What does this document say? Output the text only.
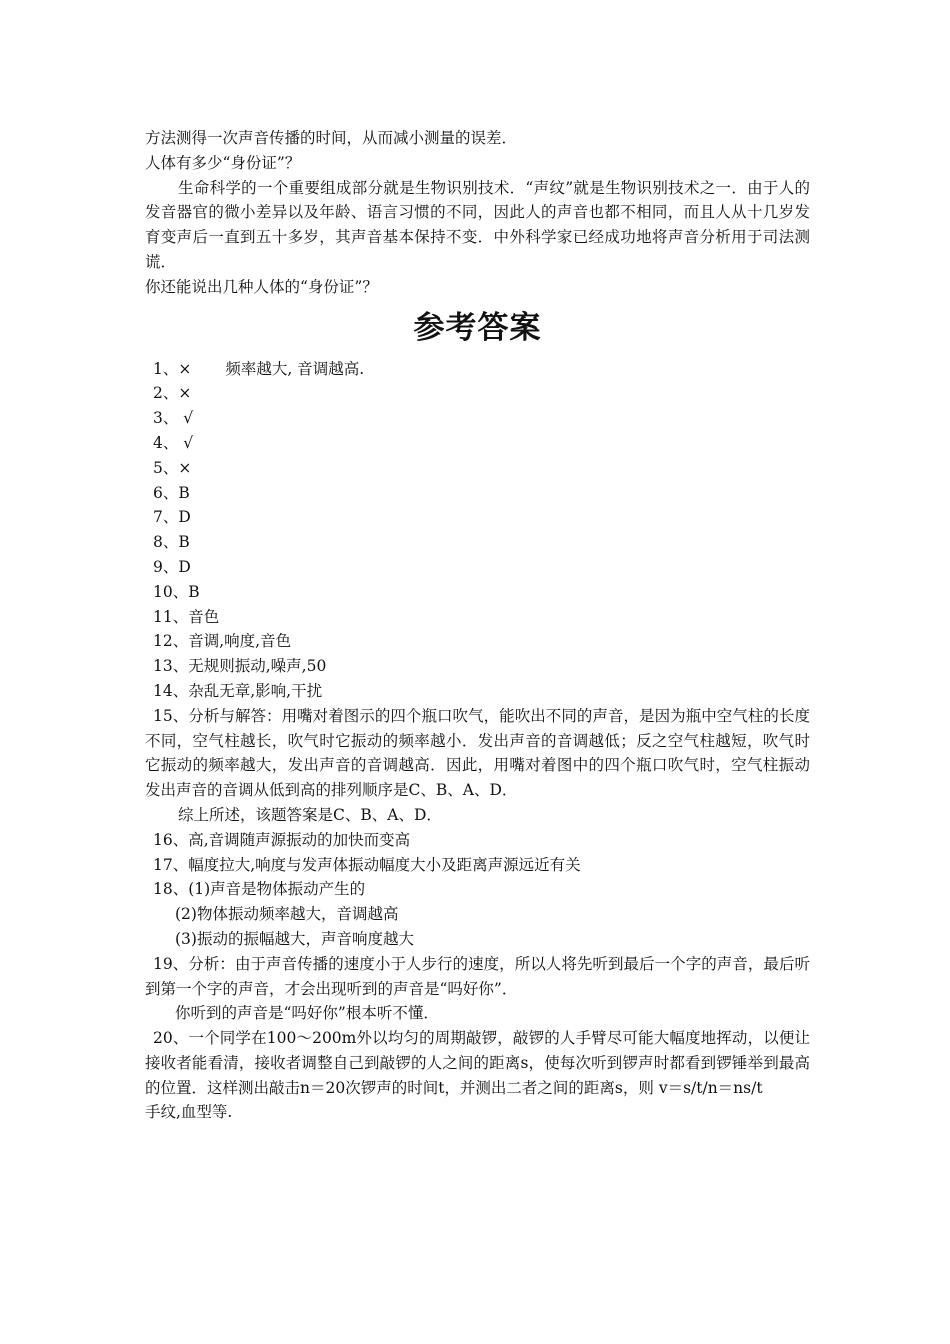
方法测得一次声音传播的时间，从而减小测量的误差．

人体有多少“身份证”？

生命科学的一个重要组成部分就是生物识别技术．“声纹”就是生物识别技术之一．由于人的发音器官的微小差异以及年龄、语言习惯的不同，因此人的声音也都不相同，而且人从十几岁发育变声后一直到五十多岁，其声音基本保持不变．中外科学家已经成功地将声音分析用于司法测谎．

你还能说出几种人体的“身份证”？

参考答案

1、× 频率越大, 音调越高.

2、×

3、 √

4、 √

5、×

6、B

7、D

8、B

9、D

10、B

11、音色

12、音调,响度,音色

13、无规则振动,噪声,50

14、杂乱无章,影响,干扰

15、分析与解答：用嘴对着图示的四个瓶口吹气，能吹出不同的声音，是因为瓶中空气柱的长度不同，空气柱越长，吹气时它振动的频率越小．发出声音的音调越低；反之空气柱越短，吹气时它振动的频率越大，发出声音的音调越高．因此，用嘴对着图中的四个瓶口吹气时，空气柱振动发出声音的音调从低到高的排列顺序是C、B、A、D．

综上所述，该题答案是C、B、A、D．

16、高,音调随声源振动的加快而变高

17、幅度拉大,响度与发声体振动幅度大小及距离声源远近有关

18、(1)声音是物体振动产生的

(2)物体振动频率越大，音调越高

(3)振动的振幅越大，声音响度越大

19、分析：由于声音传播的速度小于人步行的速度，所以人将先听到最后一个字的声音，最后听到第一个字的声音，才会出现听到的声音是“吗好你”．

你听到的声音是“吗好你”根本听不懂．

20、一个同学在100～200m外以均匀的周期敲锣，敲锣的人手臂尽可能大幅度地挥动，以便让接收者能看清，接收者调整自己到敲锣的人之间的距离s，使每次听到锣声时都看到锣锤举到最高的位置．这样测出敲击n＝20次锣声的时间t，并测出二者之间的距离s，则 v＝s/t/n＝ns/t

手纹,血型等.
